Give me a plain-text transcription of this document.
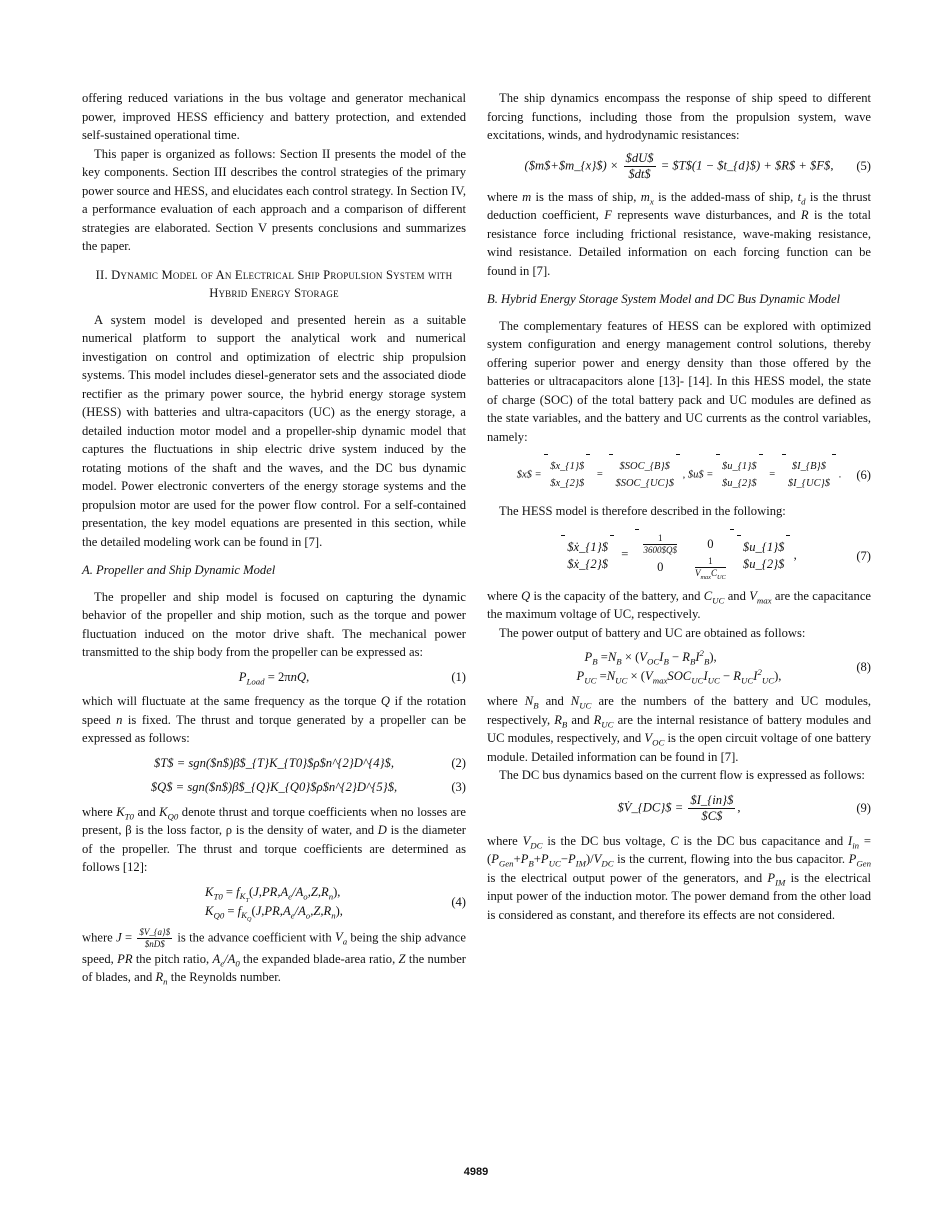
offering reduced variations in the bus voltage and generator mechanical power, improved HESS efficiency and battery protection, and extended self-sustained operational time.

This paper is organized as follows: Section II presents the model of the key components. Section III describes the control strategies of the primary power source and HESS, and elucidates each control strategy. In Section IV, a performance evaluation of each approach and a comparison of different strategies are elaborated. Section V presents conclusions and summarizes the paper.

II. Dynamic Model of An Electrical Ship Propulsion System with Hybrid Energy Storage

A system model is developed and presented herein as a suitable numerical platform to support the analytical work and numerical investigation on control and optimization of electric ship propulsion systems. This model includes diesel-generator sets and the associated diode rectifier as the primary power source, the hybrid energy storage system (HESS) with batteries and ultra-capacitors (UC) as the energy storage, a detailed induction motor model and a propeller-ship dynamic model that captures the fluctuations in ship electric drive system induced by the rotating motions of the shaft and the waves, and the DC bus dynamic model. Power electronic converters of the energy storage systems and the propulsion motor are used for the power flow control. For a self-contained presentation, the key model equations are presented in this section, while the detailed modeling work can be found in [7].

A. Propeller and Ship Dynamic Model

The propeller and ship model is focused on capturing the dynamic behavior of the propeller and ship motion, such as the torque and power fluctuation induced on the motor drive shaft. The mechanical power transmitted to the ship body from the propeller can be expressed as:

$P_{Load} = 2\pi nQ$,	(1)

which will fluctuate at the same frequency as the torque Q if the rotation speed n is fixed. The thrust and torque generated by a propeller can be expressed as follows:

$T$ = sgn($n$)β$_{T}K_{T0}$ρ$n^{2}D^{4}$,	(2)
$Q$ = sgn($n$)β$_{Q}K_{Q0}$ρ$n^{2}D^{5}$,	(3)

where $K_{T0}$ and $K_{Q0}$ denote thrust and torque coefficients when no losses are present, β is the loss factor, ρ is the density of water, and D is the diameter of the propeller. The thrust and torque coefficients are determined as follows [12]:

$K_{T0} = f_{K_T}(J,PR,A_e/A_o,Z,R_n)$,
$K_{Q0} = f_{K_Q}(J,PR,A_e/A_o,Z,R_n)$,
(4)

where $J = \frac{\$V\_\{a\}\$}{\$nD\$}$ is the advance coefficient with $V_a$ being the ship advance speed, PR the pitch ratio, $A_e/A_0$ the expanded blade-area ratio, Z the number of blades, and $R_n$ the Reynolds number.

The ship dynamics encompass the response of ship speed to different forcing functions, including those from the propulsion system, wave excitations, winds, and hydrodynamic resistances:

($m$+$m_{x}$) × $\frac{\$dU\$}{\$dt\$}$ = $T$(1 − $t_{d}$) + $R$ + $F$, (5)

where m is the mass of ship, $m_x$ is the added-mass of ship, $t_d$ is the thrust deduction coefficient, F represents wave disturbances, and R is the total resistance force including frictional resistance, wave-making resistance, wind resistance. Detailed information on each forcing function can be found in [7].

B. Hybrid Energy Storage System Model and DC Bus Dynamic Model

The complementary features of HESS can be explored with optimized system configuration and energy management control solutions, thereby offering superior power and energy density than those offered by the batteries or ultracapacitors alone [13]- [14]. In this HESS model, the state of charge (SOC) of the total battery pack and UC modules are defined as the state variables, and the battery and UC currents as the control variables, namely:

$x$ =
$x_{1}$
$x_{2}$
=
$SOC_{B}$
$SOC_{UC}$
, $u$ =
$u_{1}$
$u_{2}$
=
$I_{B}$
$I_{UC}$
. (6)

The HESS model is therefore described in the following:

$ẋ_{1}$
$ẋ_{2}$
= $\frac{1}{3600\$Q\$}$	0
0	$\frac{1}{V_{max}C_{UC}}$

$u_{1}$
$u_{2}$
,	(7)

where Q is the capacity of the battery, and $C_{UC}$ and $V_{max}$ are the capacitance the maximum voltage of UC, respectively.

The power output of battery and UC are obtained as follows:

$P_B =N_B \times (V_{OC}I_B - R_BI^2_B)$,
$P_{UC} =N_{UC} \times (V_{max}SOC_{UC}I_{UC} - R_{UC}I^2_{UC})$,
(8)

where $N_B$ and $N_{UC}$ are the numbers of the battery and UC modules, respectively, $R_B$ and $R_{UC}$ are the internal resistance of battery modules and UC modules, respectively, and $V_{OC}$ is the open circuit voltage of one battery module. Detailed information can be found in [7].

The DC bus dynamics based on the current flow is expressed as follows:

$V̇_{DC}$ = $\frac{\$I\_\{in\}\$}{\$C\$}$ ,	(9)

where $V_{DC}$ is the DC bus voltage, C is the DC bus capacitance and $I_{in} = (P_{Gen}+P_B+P_{UC}-P_{IM})/V_{DC}$ is the current, flowing into the bus capacitor. $P_{Gen}$ is the electrical output power of the generators, and $P_{IM}$ is the electrical input power of the induction motor. The power demand from the other load is considered as constant, and therefore its effects are not considered.

4989
